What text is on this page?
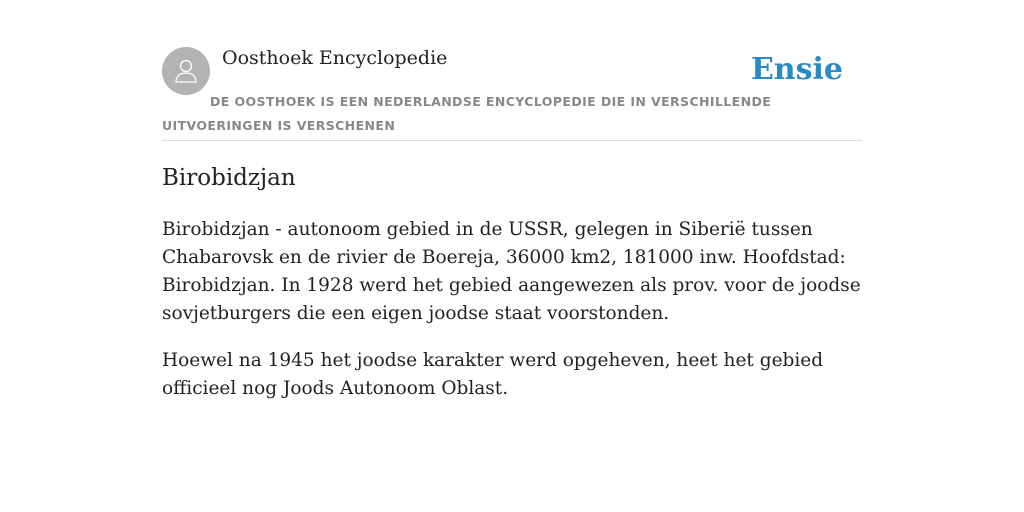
Oosthoek Encyclopedie	Ensie
DE OOSTHOEK IS EEN NEDERLANDSE ENCYCLOPEDIE DIE IN VERSCHILLENDE UITVOERINGEN IS VERSCHENEN
Birobidzjan

Birobidzjan - autonoom gebied in de USSR, gelegen in Siberië tussen Chabarovsk en de rivier de Boereja, 36000 km2, 181000 inw. Hoofdstad: Birobidzjan. In 1928 werd het gebied aangewezen als prov. voor de joodse sovjetburgers die een eigen joodse staat voorstonden.

Hoewel na 1945 het joodse karakter werd opgeheven, heet het gebied officieel nog Joods Autonoom Oblast.
